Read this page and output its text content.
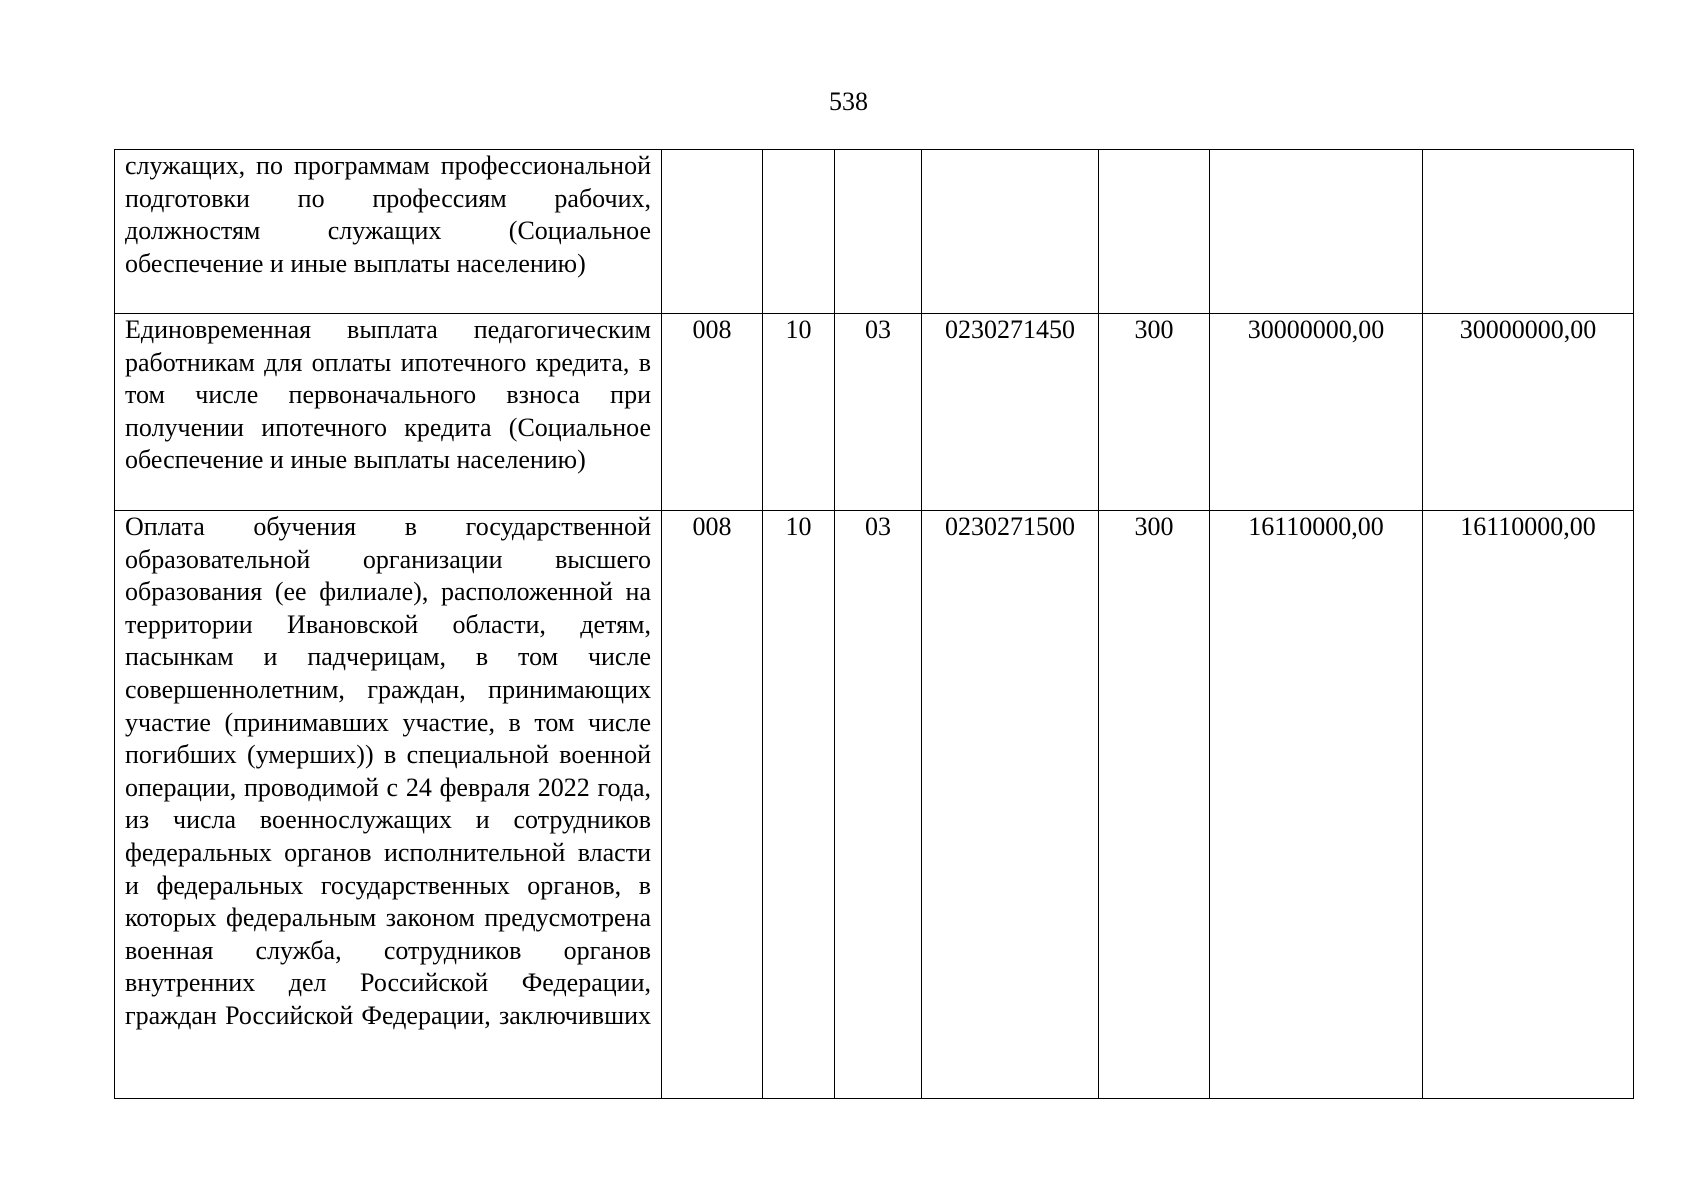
538
служащих, по программам профессиональной подготовки по профессиям рабочих, должностям служащих (Социальное обеспечение и иные выплаты населению)							
Единовременная выплата педагогическим работникам для оплаты ипотечного кредита, в том числе первоначального взноса при получении ипотечного кредита (Социальное обеспечение и иные выплаты населению)	008	10	03	0230271450	300	30000000,00	30000000,00
Оплата обучения в государственной образовательной организации высшего образования (ее филиале), расположенной на территории Ивановской области, детям, пасынкам и падчерицам, в том числе совершеннолетним, граждан, принимающих участие (принимавших участие, в том числе погибших (умерших)) в специальной военной операции, проводимой с 24 февраля 2022 года, из числа военнослужащих и сотрудников федеральных органов исполнительной власти и федеральных государственных органов, в которых федеральным законом предусмотрена военная служба, сотрудников органов внутренних дел Российской Федерации, граждан Российской Федерации, заключивших	008	10	03	0230271500	300	16110000,00	16110000,00
